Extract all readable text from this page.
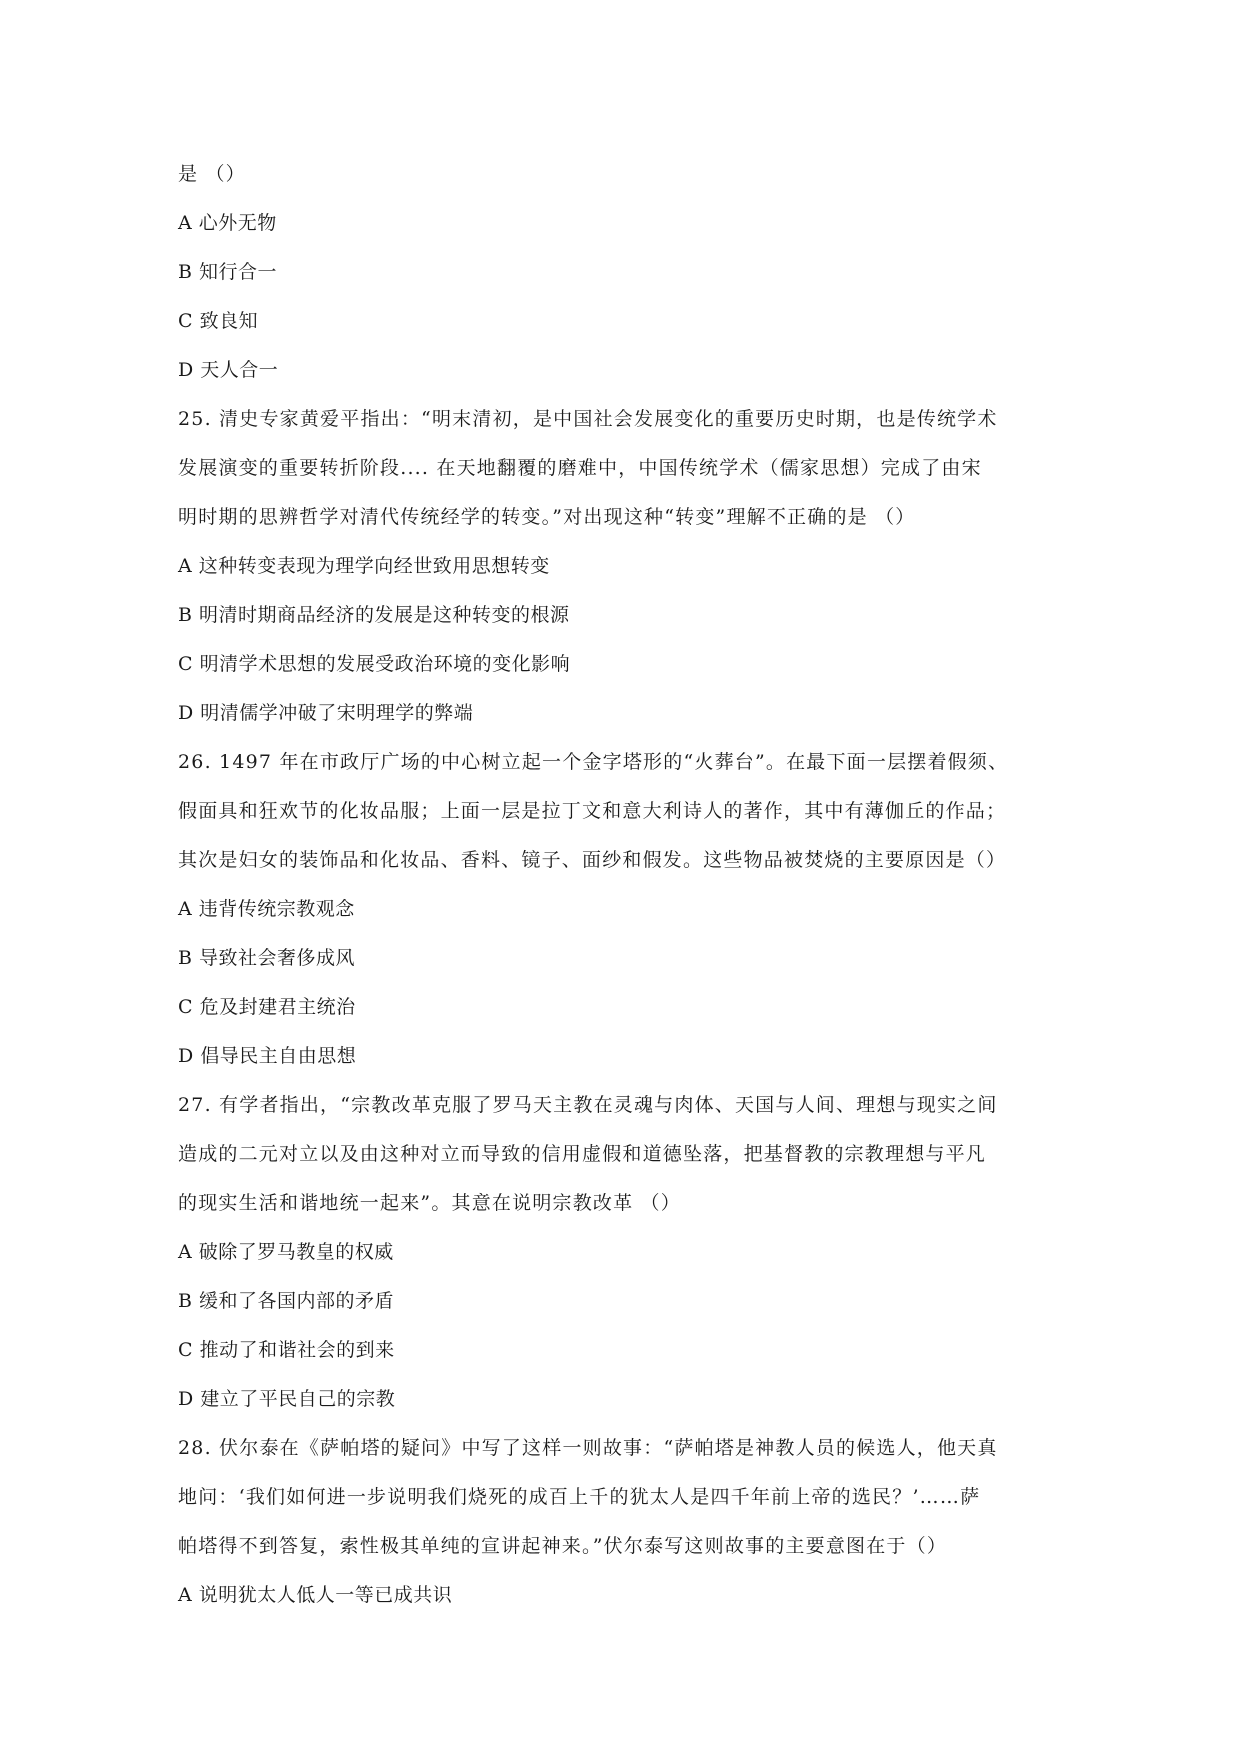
是 （）
A 心外无物
B 知行合一
C 致良知
D 天人合一
25. 清史专家黄爱平指出：“明末清初，是中国社会发展变化的重要历史时期，也是传统学术
发展演变的重要转折阶段.... 在天地翻覆的磨难中，中国传统学术（儒家思想）完成了由宋
明时期的思辨哲学对清代传统经学的转变。”对出现这种“转变”理解不正确的是 （）
A 这种转变表现为理学向经世致用思想转变
B 明清时期商品经济的发展是这种转变的根源
C 明清学术思想的发展受政治环境的变化影响
D 明清儒学冲破了宋明理学的弊端
26. 1497 年在市政厅广场的中心树立起一个金字塔形的“火葬台”。在最下面一层摆着假须、
假面具和狂欢节的化妆品服；上面一层是拉丁文和意大利诗人的著作，其中有薄伽丘的作品；
其次是妇女的装饰品和化妆品、香料、镜子、面纱和假发。这些物品被焚烧的主要原因是（）
A 违背传统宗教观念
B 导致社会奢侈成风
C 危及封建君主统治
D 倡导民主自由思想
27. 有学者指出，“宗教改革克服了罗马天主教在灵魂与肉体、天国与人间、理想与现实之间
造成的二元对立以及由这种对立而导致的信用虚假和道德坠落，把基督教的宗教理想与平凡
的现实生活和谐地统一起来”。其意在说明宗教改革 （）
A 破除了罗马教皇的权威
B 缓和了各国内部的矛盾
C 推动了和谐社会的到来
D 建立了平民自己的宗教
28. 伏尔泰在《萨帕塔的疑问》中写了这样一则故事：“萨帕塔是神教人员的候选人，他天真
地问：‘我们如何进一步说明我们烧死的成百上千的犹太人是四千年前上帝的选民？’……萨
帕塔得不到答复，索性极其单纯的宣讲起神来。”伏尔泰写这则故事的主要意图在于（）
A 说明犹太人低人一等已成共识
